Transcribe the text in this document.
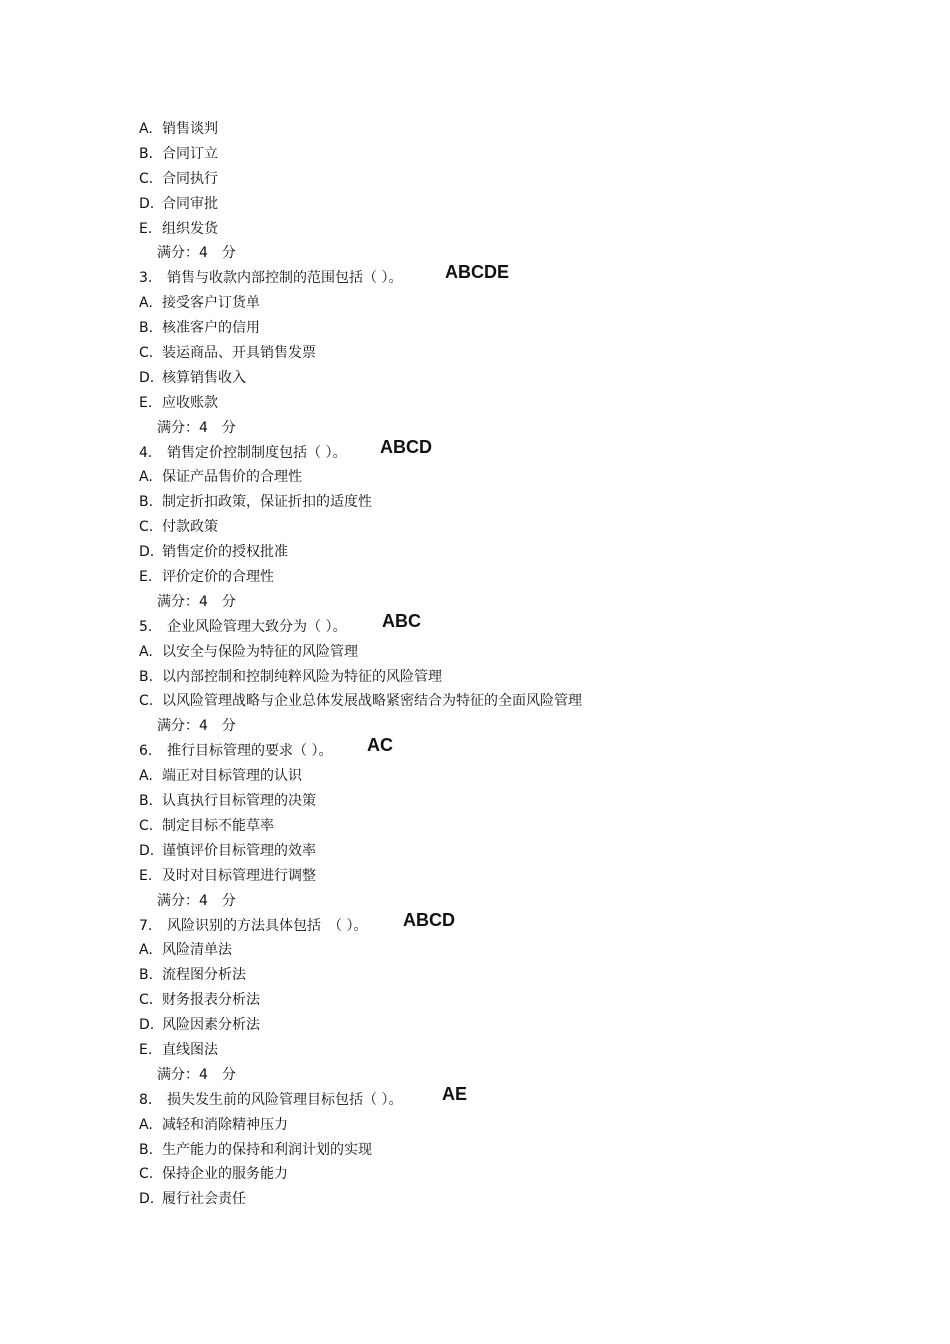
A. 销售谈判
B. 合同订立
C. 合同执行
D. 合同审批
E. 组织发货
满分：4　分
3. 销售与收款内部控制的范围包括（ ）。 ABCDE
A. 接受客户订货单
B. 核准客户的信用
C. 装运商品、开具销售发票
D. 核算销售收入
E. 应收账款
满分：4　分
4. 销售定价控制制度包括（ ）。 ABCD
A. 保证产品售价的合理性
B. 制定折扣政策，保证折扣的适度性
C. 付款政策
D. 销售定价的授权批准
E. 评价定价的合理性
满分：4　分
5. 企业风险管理大致分为（ ）。 ABC
A. 以安全与保险为特征的风险管理
B. 以内部控制和控制纯粹风险为特征的风险管理
C. 以风险管理战略与企业总体发展战略紧密结合为特征的全面风险管理
满分：4　分
6. 推行目标管理的要求（ ）。 AC
A. 端正对目标管理的认识
B. 认真执行目标管理的决策
C. 制定目标不能草率
D. 谨慎评价目标管理的效率
E. 及时对目标管理进行调整
满分：4　分
7. 风险识别的方法具体包括　（ ）。 ABCD
A. 风险清单法
B. 流程图分析法
C. 财务报表分析法
D. 风险因素分析法
E. 直线图法
满分：4　分
8. 损失发生前的风险管理目标包括（ ）。 AE
A. 减轻和消除精神压力
B. 生产能力的保持和利润计划的实现
C. 保持企业的服务能力
D. 履行社会责任
